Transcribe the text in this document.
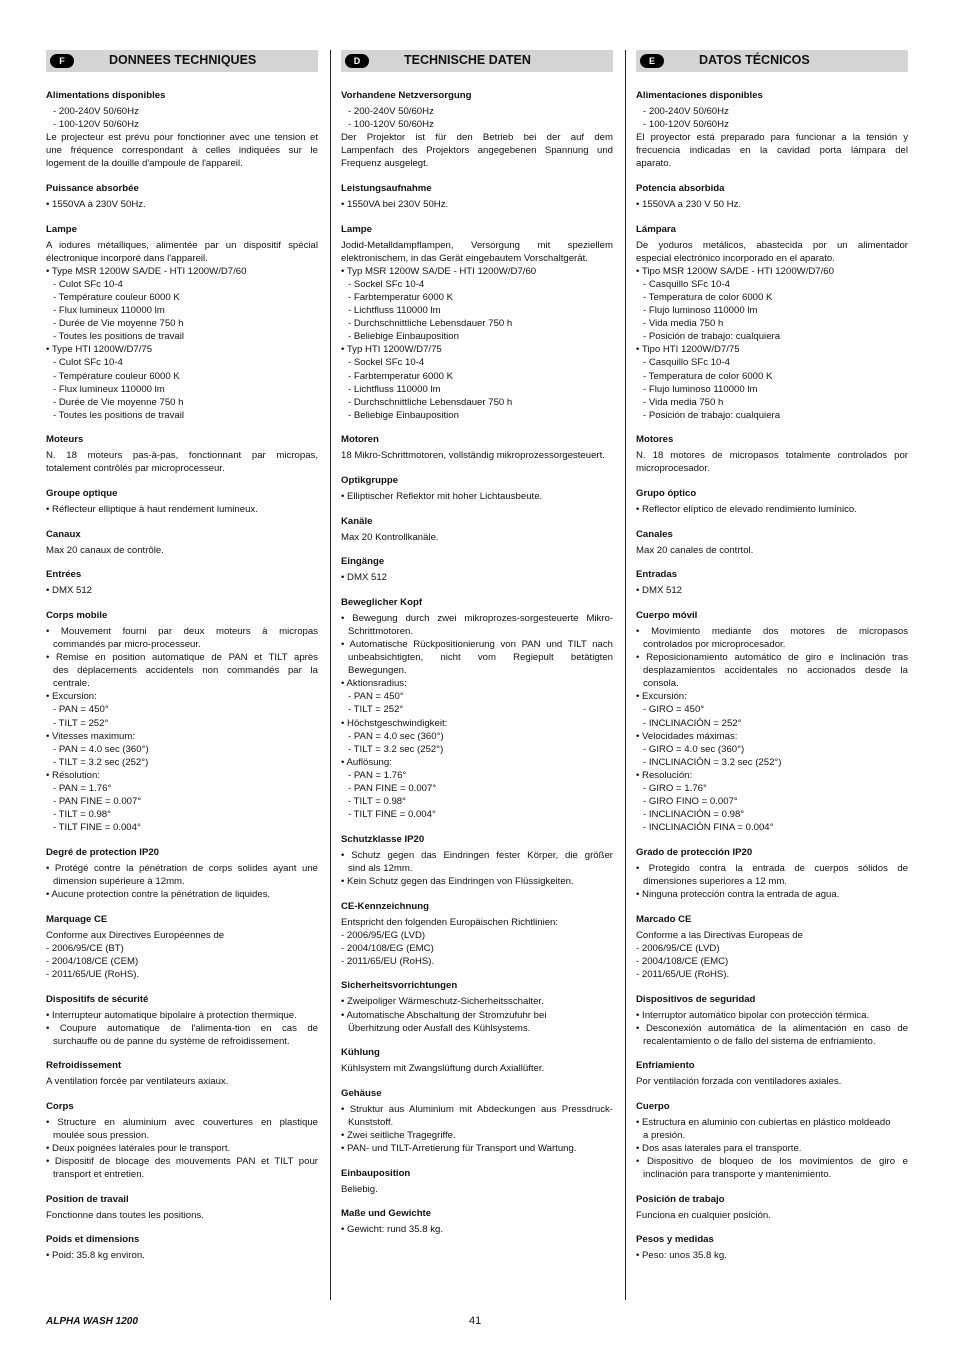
F	DONNEES TECHNIQUES
Alimentations disponibles
- 200-240V 50/60Hz
- 100-120V 50/60Hz
Le projecteur est prévu pour fonctionner avec une tension et
une fréquence correspondant à celles indiquées sur le
logement de la douille d'ampoule de l'appareil.
Puissance absorbée
• 1550VA à 230V 50Hz.
Lampe
A iodures métalliques, alimentée par un dispositif spécial
électronique incorporé dans l'appareil.
• Type MSR 1200W SA/DE - HTI 1200W/D7/60
- Culot SFc 10-4
- Température couleur 6000 K
- Flux lumineux 110000 lm
- Durée de Vie moyenne 750 h
- Toutes les positions de travail
• Type HTI 1200W/D7/75
- Culot SFc 10-4
- Température couleur 6000 K
- Flux lumineux 110000 lm
- Durée de Vie moyenne 750 h
- Toutes les positions de travail
Moteurs
N. 18 moteurs pas-à-pas, fonctionnant par micropas,
totalement contrôlés par microprocesseur.
Groupe optique
• Réflecteur elliptique à haut rendement lumineux.
Canaux
Max 20 canaux de contrôle.
Entrées
• DMX 512
Corps mobile
• Mouvement fourni par deux moteurs à micropas
commandés par micro-processeur.
• Remise en position automatique de PAN et TILT après
des déplacements accidentels non commandés par la
centrale.
• Excursion:
- PAN = 450°
- TILT = 252°
• Vitesses maximum:
- PAN = 4.0 sec (360°)
- TILT = 3.2 sec (252°)
• Résolution:
- PAN = 1.76°
- PAN FINE = 0.007°
- TILT = 0.98°
- TILT FINE = 0.004°
Degré de protection IP20
• Protégé contre la pénétration de corps solides ayant une
dimension supérieure à 12mm.
• Aucune protection contre la pénétration de liquides.
Marquage CE
Conforme aux Directives Européennes de
- 2006/95/CE (BT)
- 2004/108/CE (CEM)
- 2011/65/UE (RoHS).
Dispositifs de sécurité
• Interrupteur automatique bipolaire à protection thermique.
• Coupure automatique de l'alimenta-tion en cas de
surchauffe ou de panne du système de refroidissement.
Refroidissement
A ventilation forcée par ventilateurs axiaux.
Corps
• Structure en aluminium avec couvertures en plastique
moulée sous pression.
• Deux poignées latérales pour le transport.
• Dispositif de blocage des mouvements PAN et TILT pour
transport et entretien.
Position de travail
Fonctionne dans toutes les positions.
Poids et dimensions
• Poid: 35.8 kg environ.
D	TECHNISCHE DATEN
Vorhandene Netzversorgung
- 200-240V 50/60Hz
- 100-120V 50/60Hz
Der Projektor ist für den Betrieb bei der auf dem
Lampenfach des Projektors angegebenen Spannung und
Frequenz ausgelegt.
Leistungsaufnahme
• 1550VA bei 230V 50Hz.
Lampe
Jodid-Metalldampflampen, Versorgung mit speziellem
elektronischem, in das Gerät eingebautem Vorschaltgerät.
• Typ MSR 1200W SA/DE - HTI 1200W/D7/60
- Sockel SFc 10-4
- Farbtemperatur 6000 K
- Lichtfluss 110000 lm
- Durchschnittliche Lebensdauer 750 h
- Beliebige Einbauposition
• Typ HTI 1200W/D7/75
- Sockel SFc 10-4
- Farbtemperatur 6000 K
- Lichtfluss 110000 lm
- Durchschnittliche Lebensdauer 750 h
- Beliebige Einbauposition
Motoren
18 Mikro-Schrittmotoren, vollständig mikroprozessorgesteuert.
Optikgruppe
• Elliptischer Reflektor mit hoher Lichtausbeute.
Kanäle
Max 20 Kontrollkanäle.
Eingänge
• DMX 512
Beweglicher Kopf
• Bewegung durch zwei mikroprozes-sorgesteuerte Mikro-
Schrittmotoren.
• Automatische Rückpositionierung von PAN und TILT nach
unbeabsichtigten, nicht vom Regiepult betätigten
Bewegungen.
• Aktionsradius:
- PAN = 450°
- TILT = 252°
• Höchstgeschwindigkeit:
- PAN = 4.0 sec (360°)
- TILT = 3.2 sec (252°)
• Auflösung:
- PAN = 1.76°
- PAN FINE = 0.007°
- TILT = 0.98°
- TILT FINE = 0.004°
Schutzklasse IP20
• Schutz gegen das Eindringen fester Körper, die größer
sind als 12mm.
• Kein Schutz gegen das Eindringen von Flüssigkeiten.
CE-Kennzeichnung
Entspricht den folgenden Europäischen Richtlinien:
- 2006/95/EG (LVD)
- 2004/108/EG (EMC)
- 2011/65/EU (RoHS).
Sicherheitsvorrichtungen
• Zweipoliger Wärmeschutz-Sicherheitsschalter.
• Automatische Abschaltung der Stromzufuhr bei
Überhitzung oder Ausfall des Kühlsystems.
Kühlung
Kühlsystem mit Zwangslüftung durch Axiallüfter.
Gehäuse
• Struktur aus Aluminium mit Abdeckungen aus Pressdruck-
Kunststoff.
• Zwei seitliche Tragegriffe.
• PAN- und TILT-Arretierung für Transport und Wartung.
Einbauposition
Beliebig.
Maße und Gewichte
• Gewicht: rund 35.8 kg.
E	DATOS TÉCNICOS
Alimentaciones disponibles
- 200-240V 50/60Hz
- 100-120V 50/60Hz
El proyector está preparado para funcionar a la tensión y
frecuencia indicadas en la cavidad porta lámpara del
aparato.
Potencia absorbida
• 1550VA a 230 V 50 Hz.
Lámpara
De yoduros metálicos, abastecida por un alimentador
especial electrónico incorporado en el aparato.
• Tipo MSR 1200W SA/DE - HTI 1200W/D7/60
- Casquillo SFc 10-4
- Temperatura de color 6000 K
- Flujo luminoso 110000 lm
- Vida media 750 h
- Posición de trabajo: cualquiera
• Tipo HTI 1200W/D7/75
- Casquillo SFc 10-4
- Temperatura de color 6000 K
- Flujo luminoso 110000 lm
- Vida media 750 h
- Posición de trabajo: cualquiera
Motores
N. 18 motores de micropasos totalmente controlados por
microprocesador.
Grupo óptico
• Reflector elíptico de elevado rendimiento lumínico.
Canales
Max 20 canales de contrtol.
Entradas
• DMX 512
Cuerpo móvil
• Movimiento mediante dos motores de micropasos
controlados por microprocesador.
• Reposicionamiento automático de giro e inclinación tras
desplazamientos accidentales no accionados desde la
consola.
• Excursión:
- GIRO = 450°
- INCLINACIÓN = 252°
• Velocidades máximas:
- GIRO = 4.0 sec (360°)
- INCLINACIÓN = 3.2 sec (252°)
• Resolución:
- GIRO = 1.76°
- GIRO FINO = 0.007°
- INCLINACIÓN = 0.98°
- INCLINACIÓN FINA = 0.004°
Grado de protección IP20
• Protegido contra la entrada de cuerpos sólidos de
dimensiones superiores a 12 mm.
• Ninguna protección contra la entrada de agua.
Marcado CE
Conforme a las Directivas Europeas de
- 2006/95/CE (LVD)
- 2004/108/CE (EMC)
- 2011/65/UE (RoHS).
Dispositivos de seguridad
• Interruptor automático bipolar con protección térmica.
• Desconexión automática de la alimentación en caso de
recalentamiento o de fallo del sistema de enfriamiento.
Enfriamiento
Por ventilación forzada con ventiladores axiales.
Cuerpo
• Estructura en aluminio con cubiertas en plástico moldeado
a presión.
• Dos asas laterales para el transporte.
• Dispositivo de bloqueo de los movimientos de giro e
inclinación para transporte y mantenimiento.
Posición de trabajo
Funciona en cualquier posición.
Pesos y medidas
• Peso: unos 35.8 kg.
ALPHA WASH 1200	41
